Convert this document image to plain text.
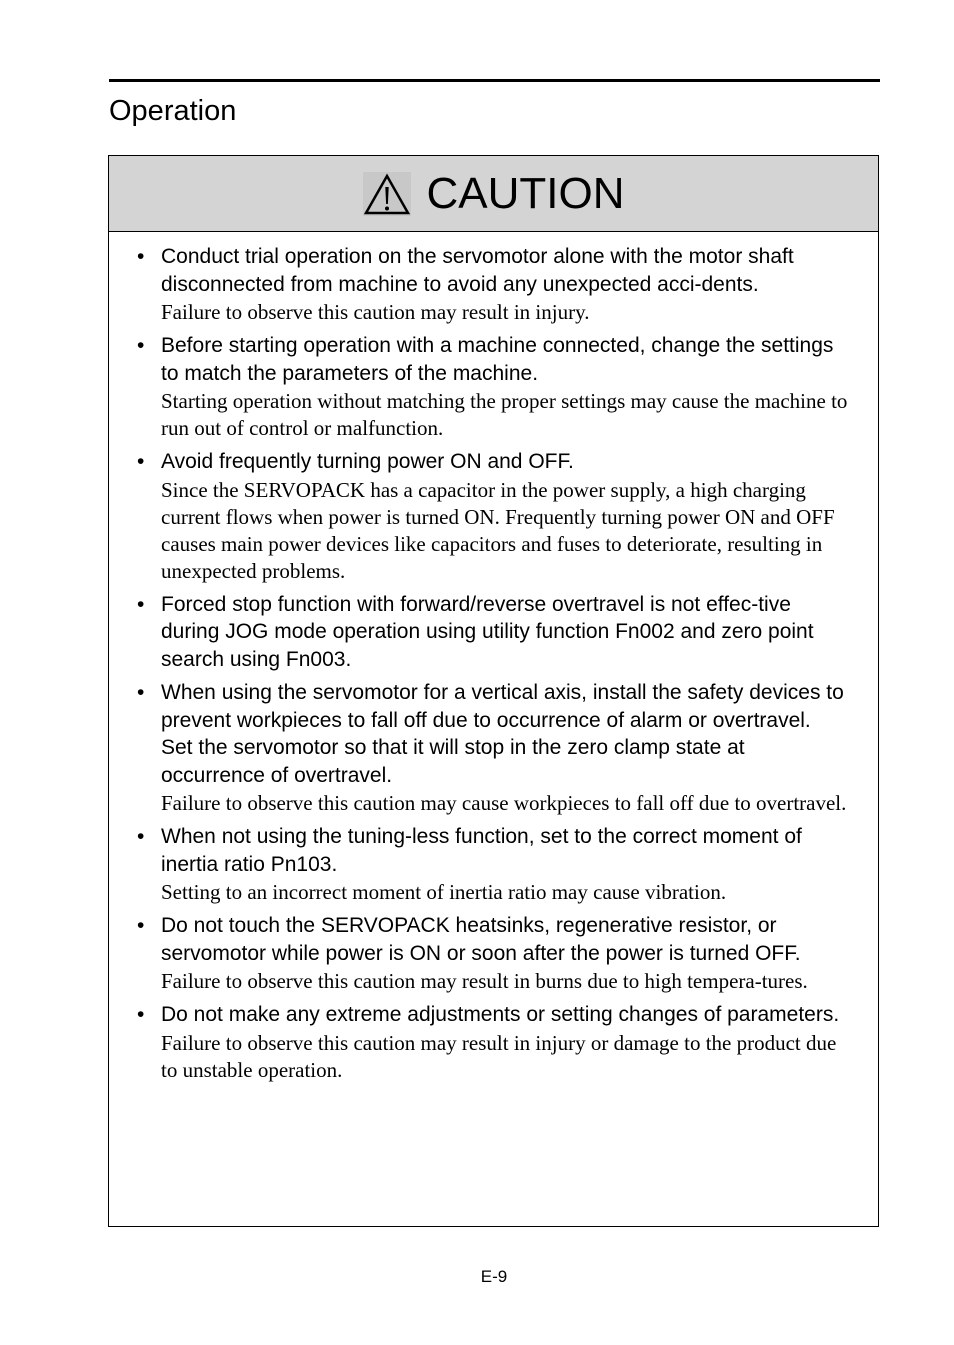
Operation
CAUTION
• Conduct trial operation on the servomotor alone with the motor shaft disconnected from machine to avoid any unexpected acci-dents.
Failure to observe this caution may result in injury.
• Before starting operation with a machine connected, change the settings to match the parameters of the machine.
Starting operation without matching the proper settings may cause the machine to run out of control or malfunction.
• Avoid frequently turning power ON and OFF.
Since the SERVOPACK has a capacitor in the power supply, a high charging current flows when power is turned ON. Frequently turning power ON and OFF causes main power devices like capacitors and fuses to deteriorate, resulting in unexpected problems.
• Forced stop function with forward/reverse overtravel is not effec-tive during JOG mode operation using utility function Fn002 and zero point search using Fn003.
• When using the servomotor for a vertical axis, install the safety devices to prevent workpieces to fall off due to occurrence of alarm or overtravel.   Set the servomotor so that it will stop in the zero clamp state at occurrence of overtravel.
Failure to observe this caution may cause workpieces to fall off due to overtravel.
• When not using the tuning-less function, set to the correct moment of inertia ratio Pn103.
Setting to an incorrect moment of inertia ratio may cause vibration.
• Do not touch the SERVOPACK heatsinks, regenerative resistor, or servomotor while power is ON or soon after the power is turned OFF.
Failure to observe this caution may result in burns due to high tempera-tures.
• Do not make any extreme adjustments or setting changes of parameters.
Failure to observe this caution may result in injury or damage to the product due to unstable operation.
E-9
